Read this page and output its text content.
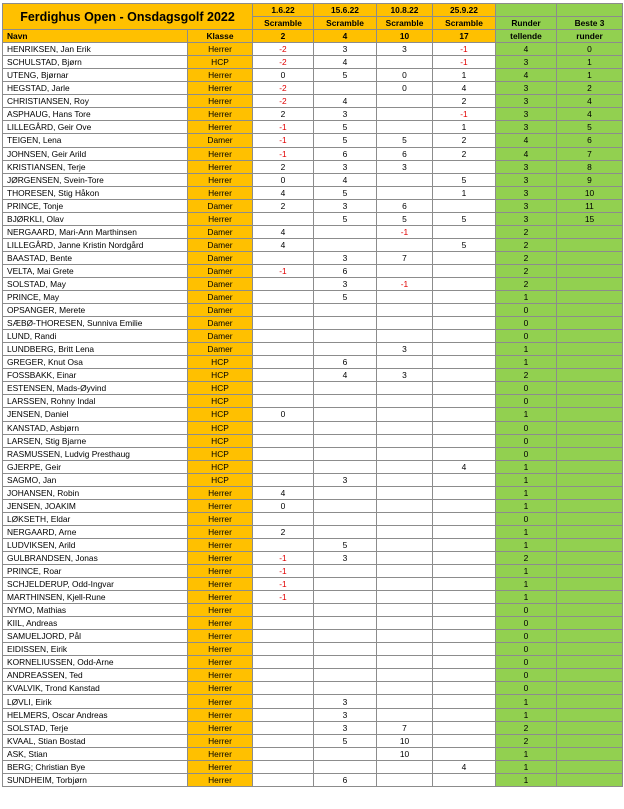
Ferdighus Open - Onsdagsgolf 2022		1.6.22	15.6.22	10.8.22	25.9.22		
		Scramble	Scramble	Scramble	Scramble	Runder	Beste 3
Navn	Klasse	2	4	10	17	tellende	runder
HENRIKSEN, Jan Erik	Herrer	-2	3	3	-1	4	0
SCHULSTAD, Bjørn	HCP	-2	4		-1	3	1
UTENG, Bjørnar	Herrer	0	5	0	1	4	1
HEGSTAD, Jarle	Herrer	-2		0	4	3	2
CHRISTIANSEN, Roy	Herrer	-2	4		2	3	4
ASPHAUG, Hans Tore	Herrer	2	3		-1	3	4
LILLEGÅRD, Geir Ove	Herrer	-1	5		1	3	5
TEIGEN, Lena	Damer	-1	5	5	2	4	6
JOHNSEN, Geir Arild	Herrer	-1	6	6	2	4	7
KRISTIANSEN, Terje	Herrer	2	3	3		3	8
JØRGENSEN, Svein-Tore	Herrer	0	4		5	3	9
THORESEN, Stig Håkon	Herrer	4	5		1	3	10
PRINCE, Tonje	Damer	2	3	6		3	11
BJØRKLI, Olav	Herrer		5	5	5	3	15
NERGAARD, Mari-Ann Marthinsen	Damer	4		-1		2	
LILLEGÅRD, Janne Kristin Nordgård	Damer	4			5	2	
BAASTAD, Bente	Damer		3	7		2	
VELTA, Mai Grete	Damer	-1	6			2	
SOLSTAD, May	Damer		3	-1		2	
PRINCE, May	Damer		5			1	
OPSANGER, Merete	Damer					0	
SÆBØ-THORESEN, Sunniva Emilie	Damer					0	
LUND, Randi	Damer					0	
LUNDBERG, Britt Lena	Damer			3		1	
GREGER, Knut Osa	HCP		6			1	
FOSSBAKK, Einar	HCP		4	3		2	
ESTENSEN, Mads-Øyvind	HCP					0	
LARSSEN, Rohny Indal	HCP					0	
JENSEN, Daniel	HCP	0				1	
KANSTAD, Asbjørn	HCP					0	
LARSEN, Stig Bjarne	HCP					0	
RASMUSSEN, Ludvig Presthaug	HCP					0	
GJERPE, Geir	HCP				4	1	
SAGMO, Jan	HCP		3			1	
JOHANSEN, Robin	Herrer	4				1	
JENSEN, JOAKIM	Herrer	0				1	
LØKSETH, Eldar	Herrer					0	
NERGAARD, Arne	Herrer	2				1	
LUDVIKSEN, Arild	Herrer		5			1	
GULBRANDSEN, Jonas	Herrer	-1	3			2	
PRINCE, Roar	Herrer	-1				1	
SCHJELDERUP, Odd-Ingvar	Herrer	-1				1	
MARTHINSEN, Kjell-Rune	Herrer	-1				1	
NYMO, Mathias	Herrer					0	
KIIL, Andreas	Herrer					0	
SAMUELJORD, Pål	Herrer					0	
EIDISSEN, Eirik	Herrer					0	
KORNELIUSSEN, Odd-Arne	Herrer					0	
ANDREASSEN, Ted	Herrer					0	
KVALVIK, Trond Kanstad	Herrer					0	
LØVLI, Eirik	Herrer		3			1	
HELMERS, Oscar Andreas	Herrer		3			1	
SOLSTAD, Terje	Herrer		3	7		2	
KVAAL, Stian Bostad	Herrer		5	10		2	
ASK, Stian	Herrer			10		1	
BERG; Christian Bye	Herrer				4	1	
SUNDHEIM, Torbjørn	Herrer		6			1	
